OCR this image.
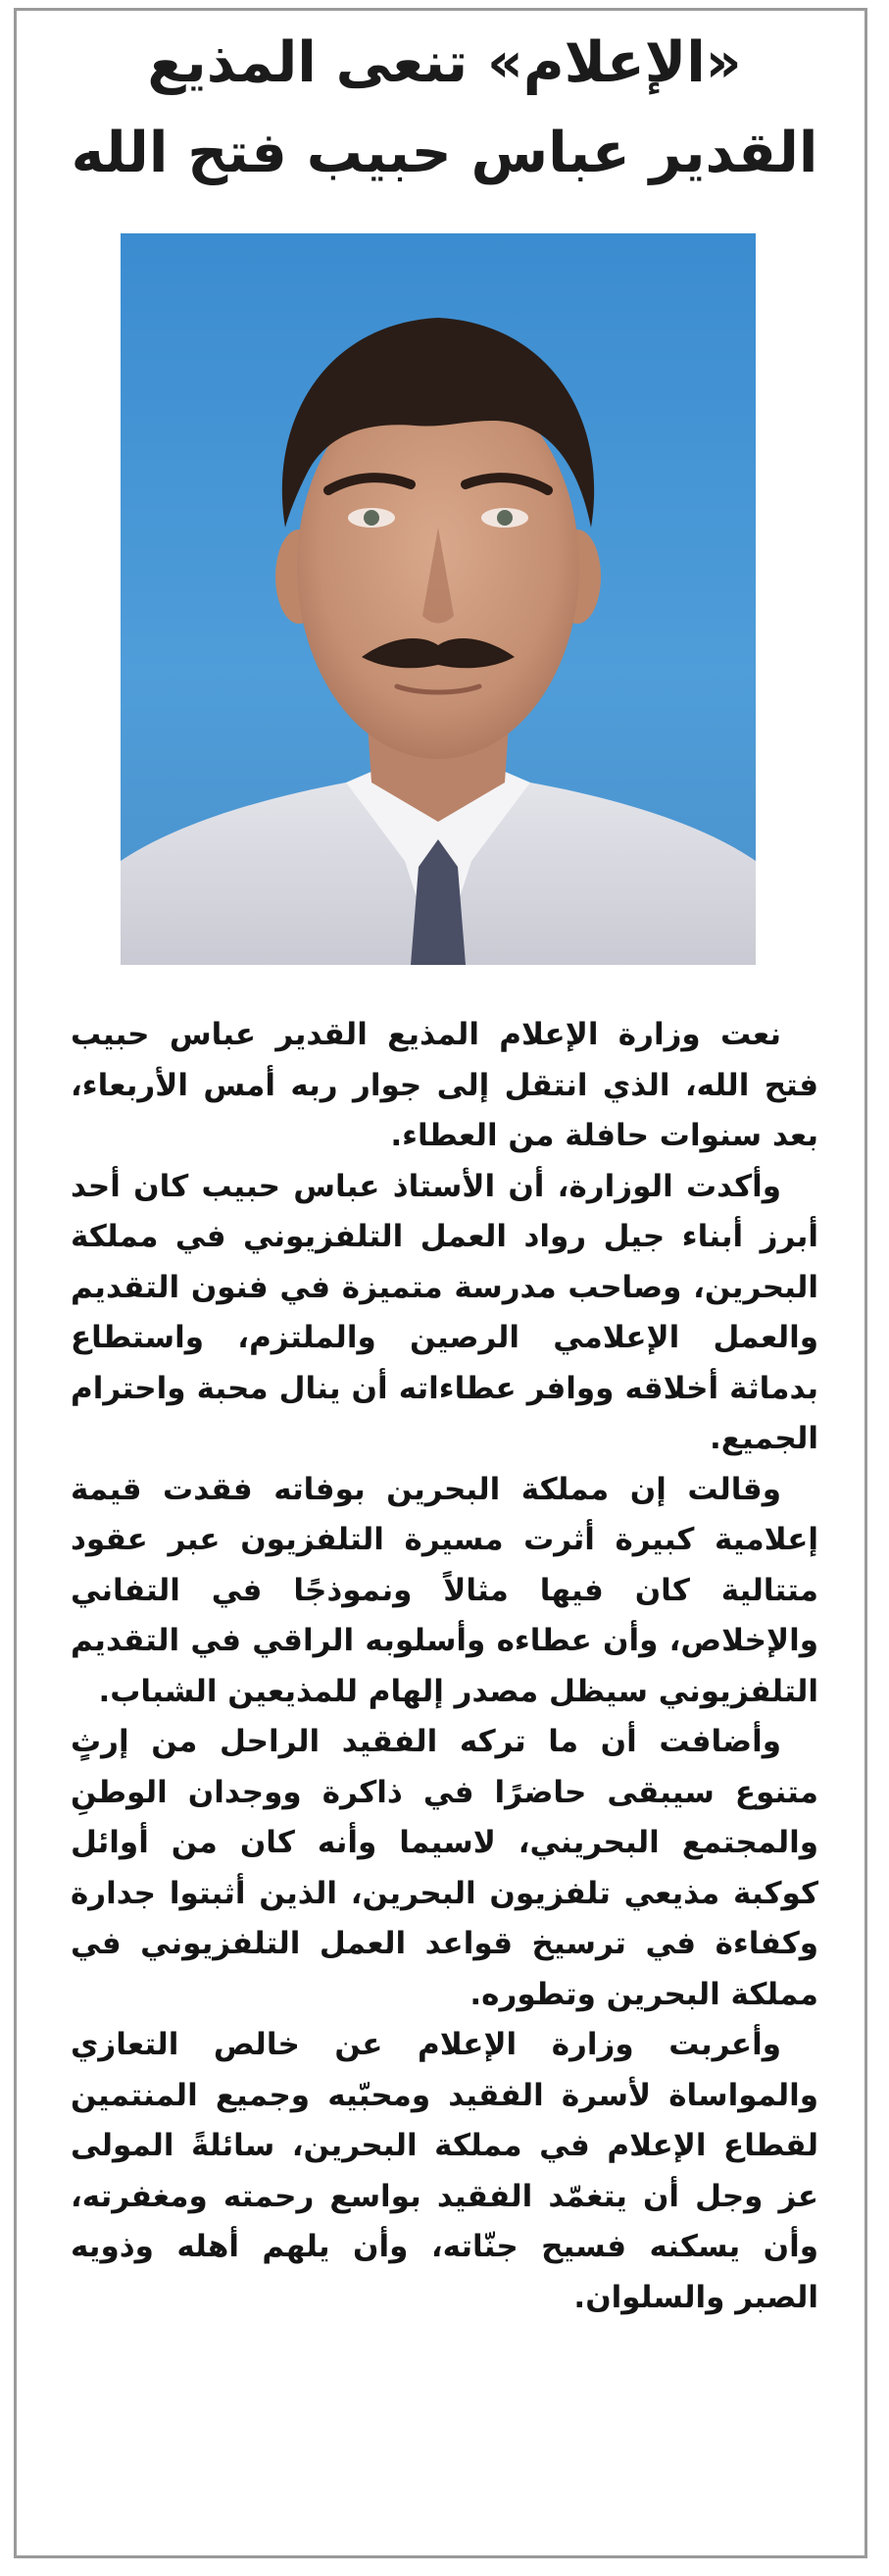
«الإعلام» تنعى المذيع
القدير عباس حبيب فتح الله

نعت وزارة الإعلام المذيع القدير عباس حبيب فتح الله، الذي انتقل إلى جوار ربه أمس الأربعاء، بعد سنوات حافلة من العطاء.

وأكدت الوزارة، أن الأستاذ عباس حبيب كان أحد أبرز أبناء جيل رواد العمل التلفزيوني في مملكة البحرين، وصاحب مدرسة متميزة في فنون التقديم والعمل الإعلامي الرصين والملتزم، واستطاع بدماثة أخلاقه ووافر عطاءاته أن ينال محبة واحترام الجميع.

وقالت إن مملكة البحرين بوفاته فقدت قيمة إعلامية كبيرة أثرت مسيرة التلفزيون عبر عقود متتالية كان فيها مثالاً ونموذجًا في التفاني والإخلاص، وأن عطاءه وأسلوبه الراقي في التقديم التلفزيوني سيظل مصدر إلهام للمذيعين الشباب.

وأضافت أن ما تركه الفقيد الراحل من إرثٍ متنوع سيبقى حاضرًا في ذاكرة ووجدان الوطنِ والمجتمع البحريني، لاسيما وأنه كان من أوائل كوكبة مذيعي تلفزيون البحرين، الذين أثبتوا جدارة وكفاءة في ترسيخ قواعد العمل التلفزيوني في مملكة البحرين وتطوره.

وأعربت وزارة الإعلام عن خالص التعازي والمواساة لأسرة الفقيد ومحبّيه وجميع المنتمين لقطاع الإعلام في مملكة البحرين، سائلةً المولى عز وجل أن يتغمّد الفقيد بواسع رحمته ومغفرته، وأن يسكنه فسيح جنّاته، وأن يلهم أهله وذويه الصبر والسلوان.
